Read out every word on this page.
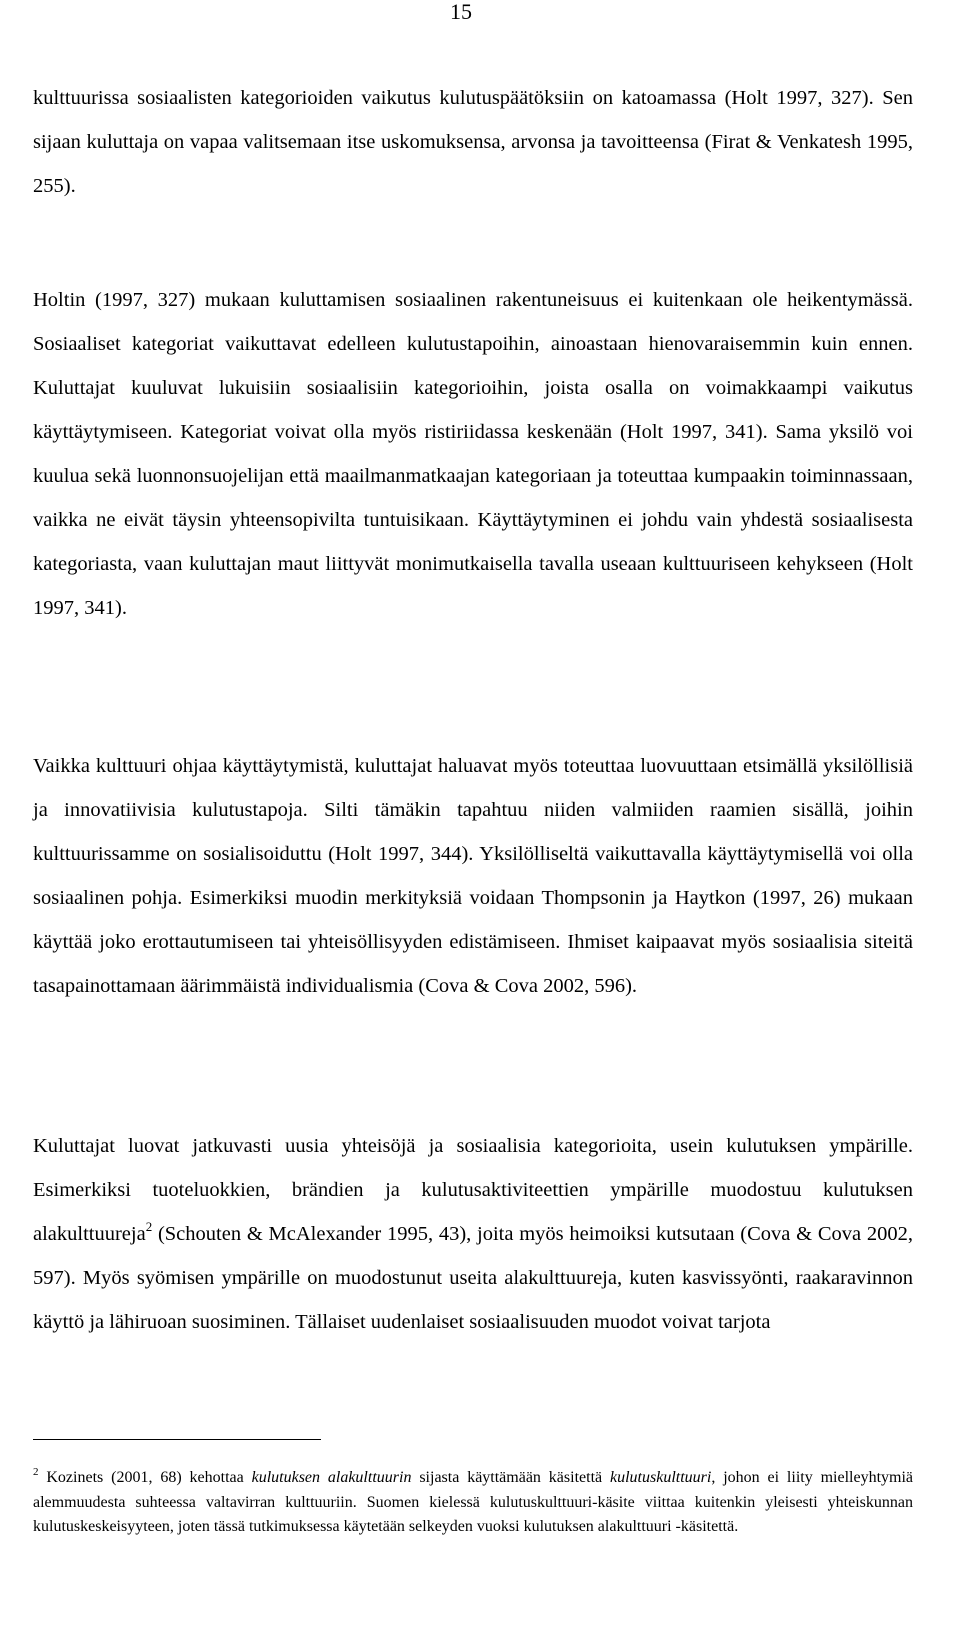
15

kulttuurissa sosiaalisten kategorioiden vaikutus kulutuspäätöksiin on katoamassa (Holt 1997, 327). Sen sijaan kuluttaja on vapaa valitsemaan itse uskomuksensa, arvonsa ja tavoitteensa (Firat & Venkatesh 1995, 255).

Holtin (1997, 327) mukaan kuluttamisen sosiaalinen rakentuneisuus ei kuitenkaan ole heikentymässä. Sosiaaliset kategoriat vaikuttavat edelleen kulutustapoihin, ainoastaan hienovaraisemmin kuin ennen. Kuluttajat kuuluvat lukuisiin sosiaalisiin kategorioihin, joista osalla on voimakkaampi vaikutus käyttäytymiseen. Kategoriat voivat olla myös ristiriidassa keskenään (Holt 1997, 341). Sama yksilö voi kuulua sekä luonnonsuojelijan että maailmanmatkaajan kategoriaan ja toteuttaa kumpaakin toiminnassaan, vaikka ne eivät täysin yhteensopivilta tuntuisikaan. Käyttäytyminen ei johdu vain yhdestä sosiaalisesta kategoriasta, vaan kuluttajan maut liittyvät monimutkaisella tavalla useaan kulttuuriseen kehykseen (Holt 1997, 341).

Vaikka kulttuuri ohjaa käyttäytymistä, kuluttajat haluavat myös toteuttaa luovuuttaan etsimällä yksilöllisiä ja innovatiivisia kulutustapoja. Silti tämäkin tapahtuu niiden valmiiden raamien sisällä, joihin kulttuurissamme on sosialisoiduttu (Holt 1997, 344). Yksilölliseltä vaikuttavalla käyttäytymisellä voi olla sosiaalinen pohja. Esimerkiksi muodin merkityksiä voidaan Thompsonin ja Haytkon (1997, 26) mukaan käyttää joko erottautumiseen tai yhteisöllisyyden edistämiseen. Ihmiset kaipaavat myös sosiaalisia siteitä tasapainottamaan äärimmäistä individualismia (Cova & Cova 2002, 596).

Kuluttajat luovat jatkuvasti uusia yhteisöjä ja sosiaalisia kategorioita, usein kulutuksen ympärille. Esimerkiksi tuoteluokkien, brändien ja kulutusaktiviteettien ympärille muodostuu kulutuksen alakulttuureja$^2$ (Schouten & McAlexander 1995, 43), joita myös heimoiksi kutsutaan (Cova & Cova 2002, 597). Myös syömisen ympärille on muodostunut useita alakulttuureja, kuten kasvissyönti, raakaravinnon käyttö ja lähiruoan suosiminen. Tällaiset uudenlaiset sosiaalisuuden muodot voivat tarjota

$^2$ Kozinets (2001, 68) kehottaa kulutuksen alakulttuurin sijasta käyttämään käsitettä kulutuskulttuuri, johon ei liity mielleyhtymiä alemmuudesta suhteessa valtavirran kulttuuriin. Suomen kielessä kulutuskulttuuri-käsite viittaa kuitenkin yleisesti yhteiskunnan kulutuskeskeisyyteen, joten tässä tutkimuksessa käytetään selkeyden vuoksi kulutuksen alakulttuuri -käsitettä.
